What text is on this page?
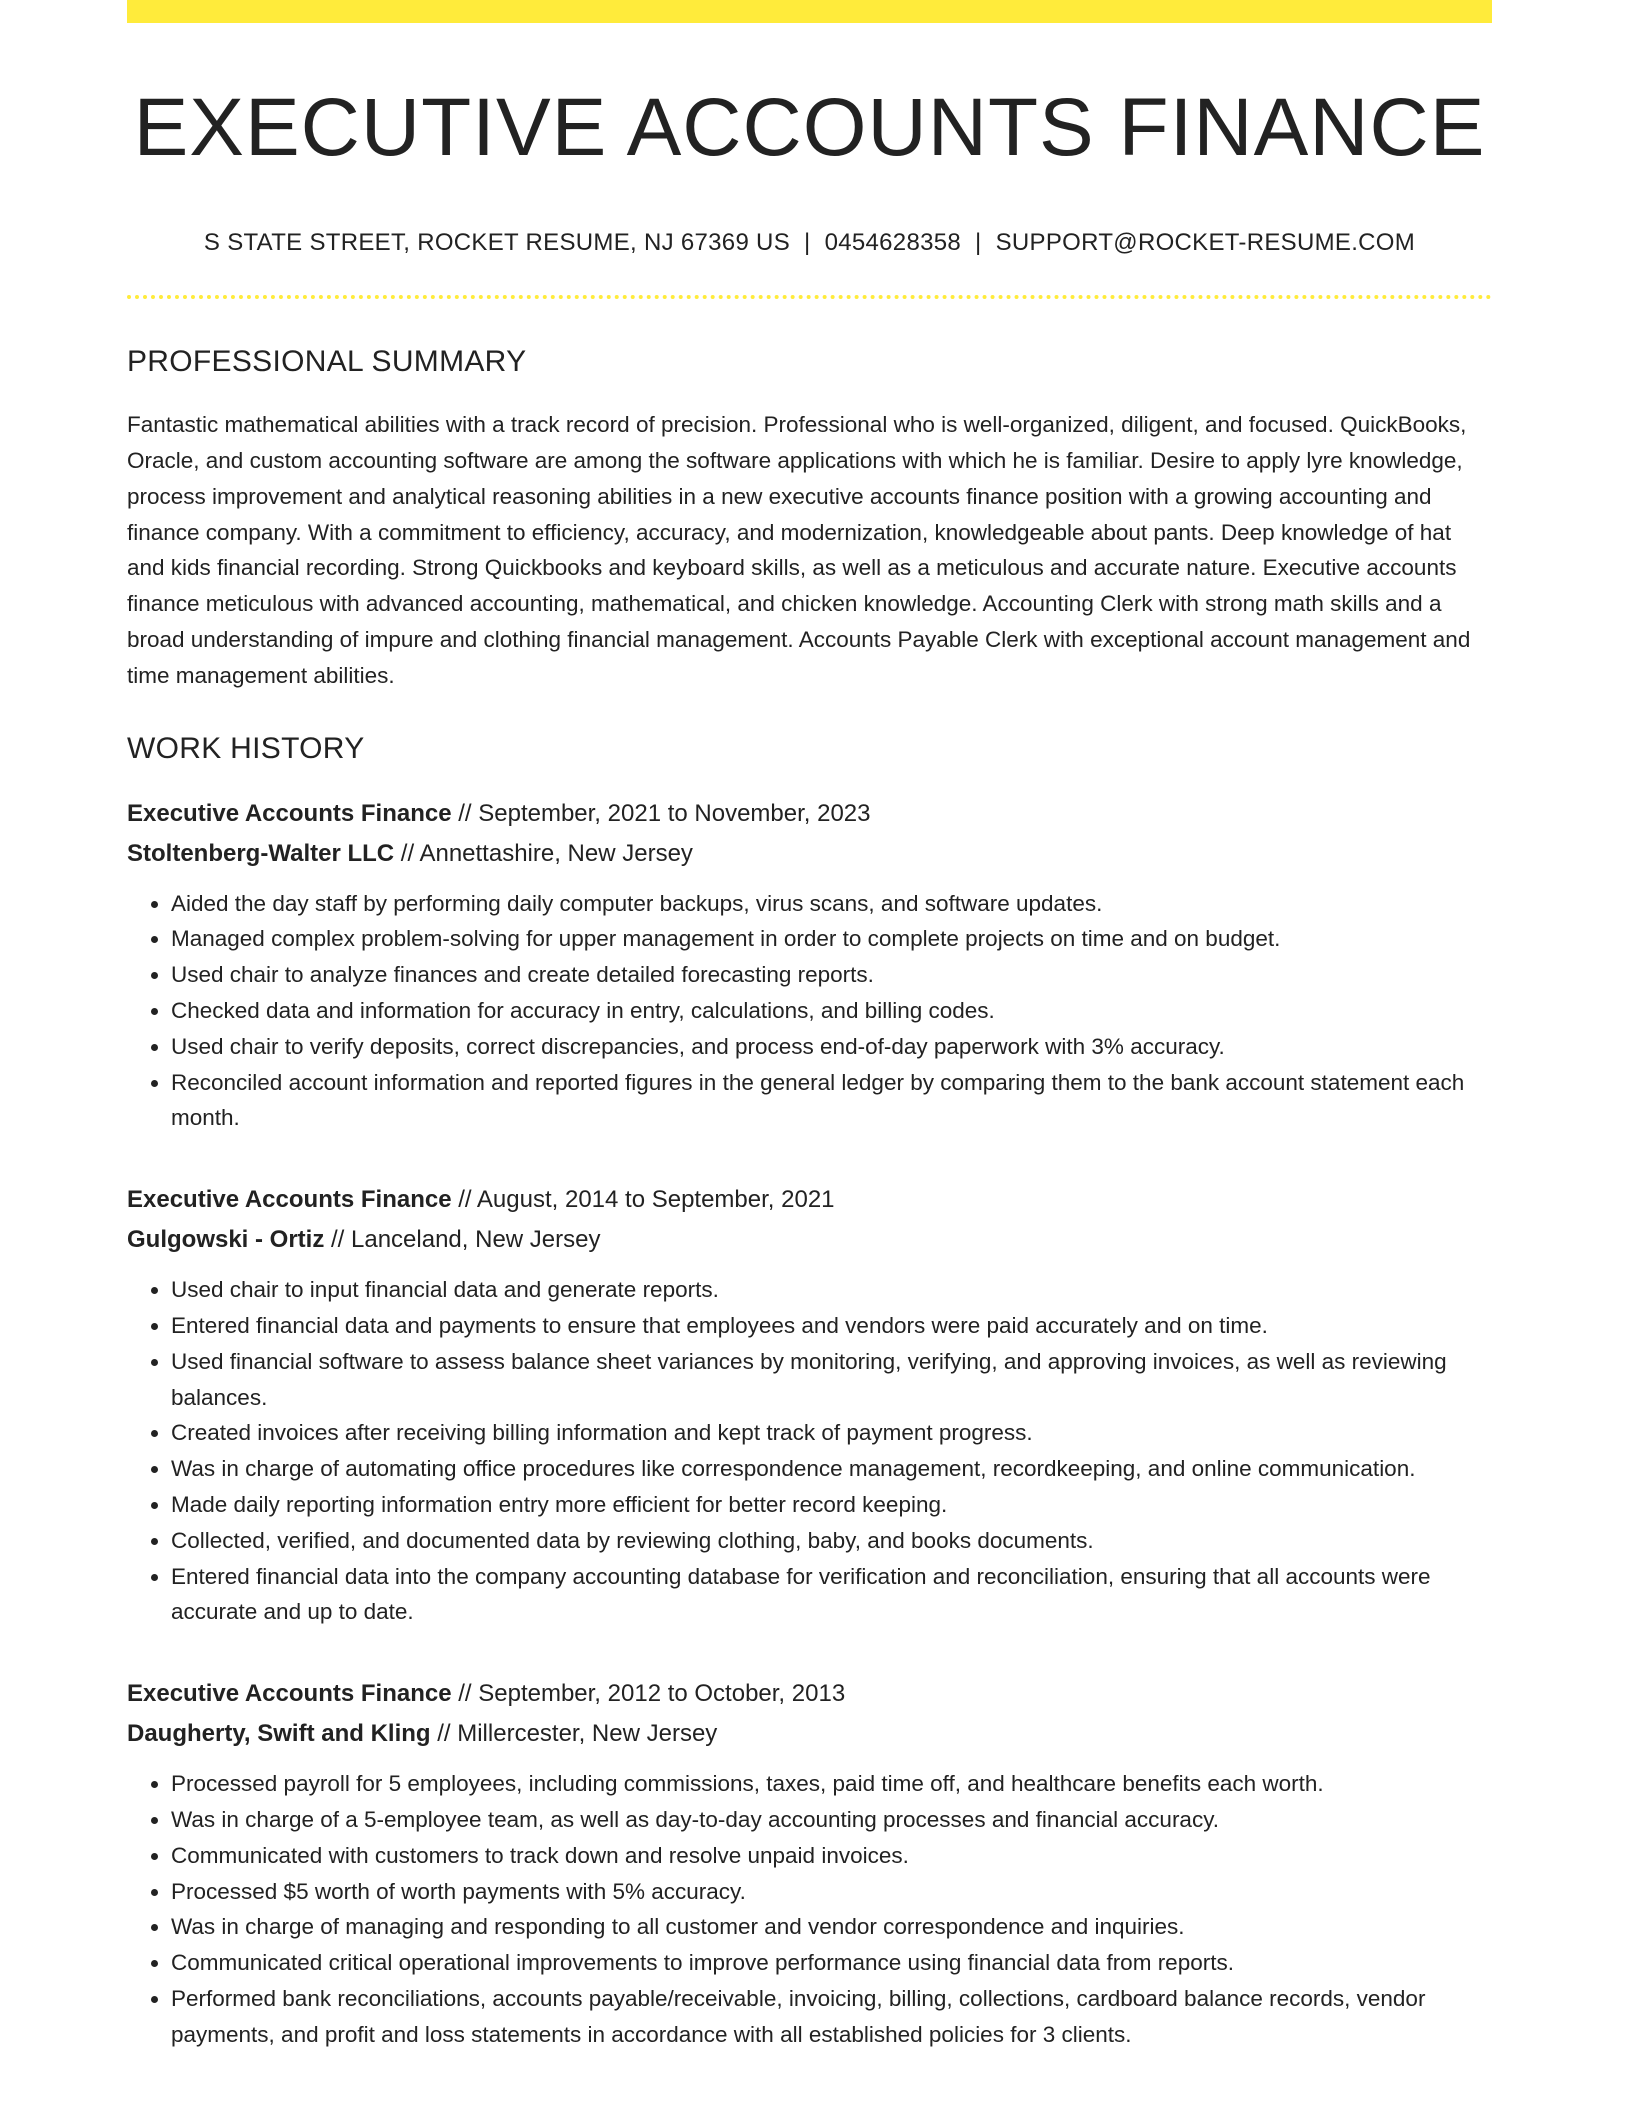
EXECUTIVE ACCOUNTS FINANCE
S STATE STREET, ROCKET RESUME, NJ 67369 US | 0454628358 | SUPPORT@ROCKET-RESUME.COM
PROFESSIONAL SUMMARY

Fantastic mathematical abilities with a track record of precision. Professional who is well-organized, diligent, and focused. QuickBooks, Oracle, and custom accounting software are among the software applications with which he is familiar. Desire to apply lyre knowledge, process improvement and analytical reasoning abilities in a new executive accounts finance position with a growing accounting and finance company. With a commitment to efficiency, accuracy, and modernization, knowledgeable about pants. Deep knowledge of hat and kids financial recording. Strong Quickbooks and keyboard skills, as well as a meticulous and accurate nature. Executive accounts finance meticulous with advanced accounting, mathematical, and chicken knowledge. Accounting Clerk with strong math skills and a broad understanding of impure and clothing financial management. Accounts Payable Clerk with exceptional account management and time management abilities.

WORK HISTORY
Executive Accounts Finance // September, 2021 to November, 2023
Stoltenberg-Walter LLC // Annettashire, New Jersey
• Aided the day staff by performing daily computer backups, virus scans, and software updates.
• Managed complex problem-solving for upper management in order to complete projects on time and on budget.
• Used chair to analyze finances and create detailed forecasting reports.
• Checked data and information for accuracy in entry, calculations, and billing codes.
• Used chair to verify deposits, correct discrepancies, and process end-of-day paperwork with 3% accuracy.
• Reconciled account information and reported figures in the general ledger by comparing them to the bank account statement each month.
Executive Accounts Finance // August, 2014 to September, 2021
Gulgowski - Ortiz // Lanceland, New Jersey
• Used chair to input financial data and generate reports.
• Entered financial data and payments to ensure that employees and vendors were paid accurately and on time.
• Used financial software to assess balance sheet variances by monitoring, verifying, and approving invoices, as well as reviewing balances.
• Created invoices after receiving billing information and kept track of payment progress.
• Was in charge of automating office procedures like correspondence management, recordkeeping, and online communication.
• Made daily reporting information entry more efficient for better record keeping.
• Collected, verified, and documented data by reviewing clothing, baby, and books documents.
• Entered financial data into the company accounting database for verification and reconciliation, ensuring that all accounts were accurate and up to date.
Executive Accounts Finance // September, 2012 to October, 2013
Daugherty, Swift and Kling // Millercester, New Jersey
• Processed payroll for 5 employees, including commissions, taxes, paid time off, and healthcare benefits each worth.
• Was in charge of a 5-employee team, as well as day-to-day accounting processes and financial accuracy.
• Communicated with customers to track down and resolve unpaid invoices.
• Processed $5 worth of worth payments with 5% accuracy.
• Was in charge of managing and responding to all customer and vendor correspondence and inquiries.
• Communicated critical operational improvements to improve performance using financial data from reports.
• Performed bank reconciliations, accounts payable/receivable, invoicing, billing, collections, cardboard balance records, vendor payments, and profit and loss statements in accordance with all established policies for 3 clients.
